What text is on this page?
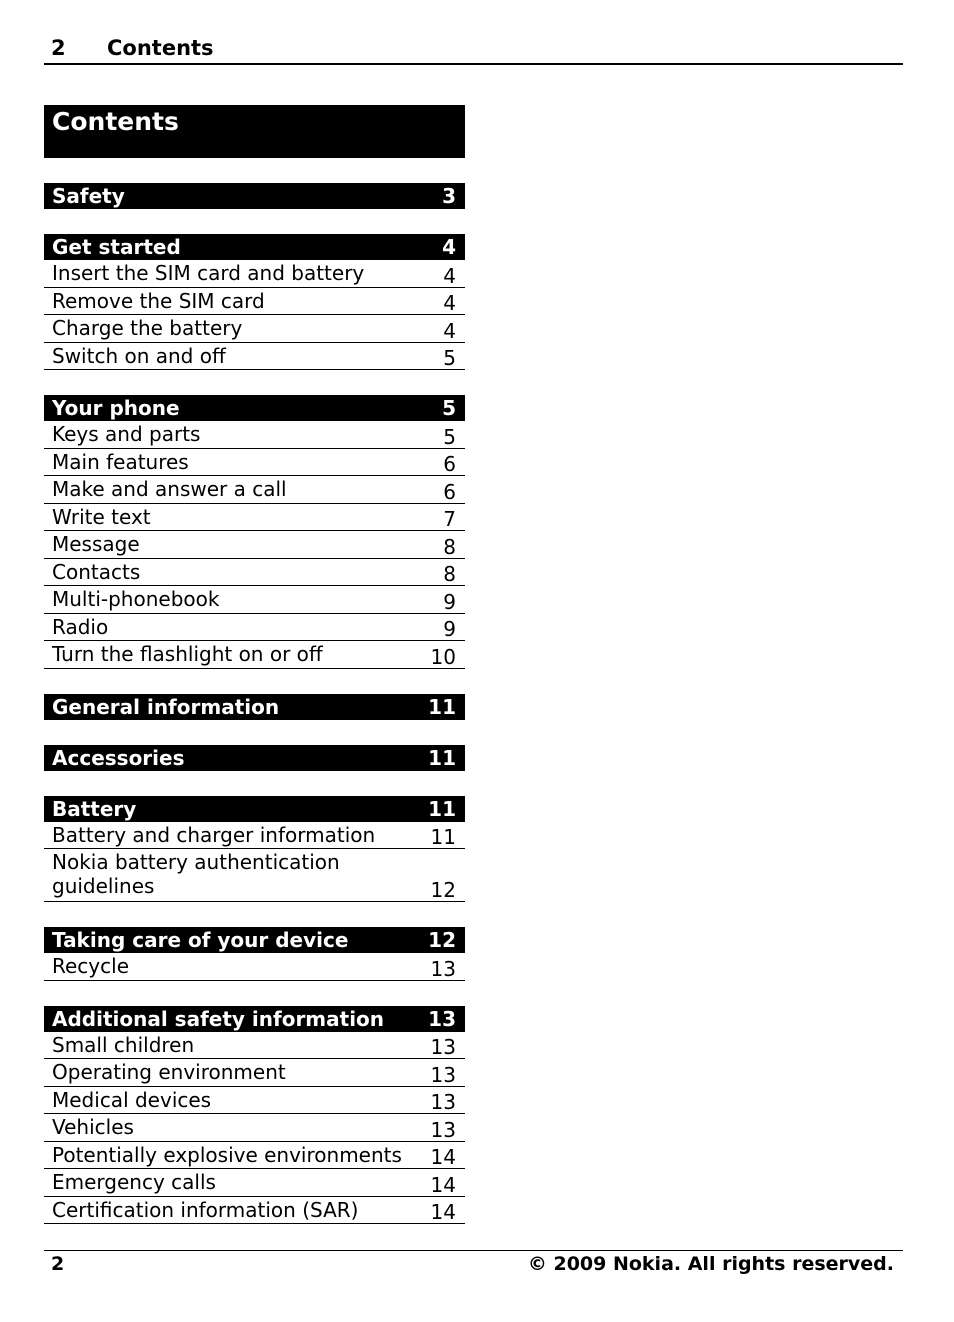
2 Contents
Contents
Safety	3
Get started	4
Insert the SIM card and battery	4
Remove the SIM card	4
Charge the battery	4
Switch on and off	5
Your phone	5
Keys and parts	5
Main features	6
Make and answer a call	6
Write text	7
Message	8
Contacts	8
Multi-phonebook	9
Radio	9
Turn the flashlight on or off	10
General information	11
Accessories	11
Battery	11
Battery and charger information	11
Nokia battery authentication guidelines	12
Taking care of your device	12
Recycle	13
Additional safety information 13
Small children	13
Operating environment	13
Medical devices	13
Vehicles	13
Potentially explosive environments	14
Emergency calls	14
Certification information (SAR)	14
2	© 2009 Nokia. All rights reserved.
